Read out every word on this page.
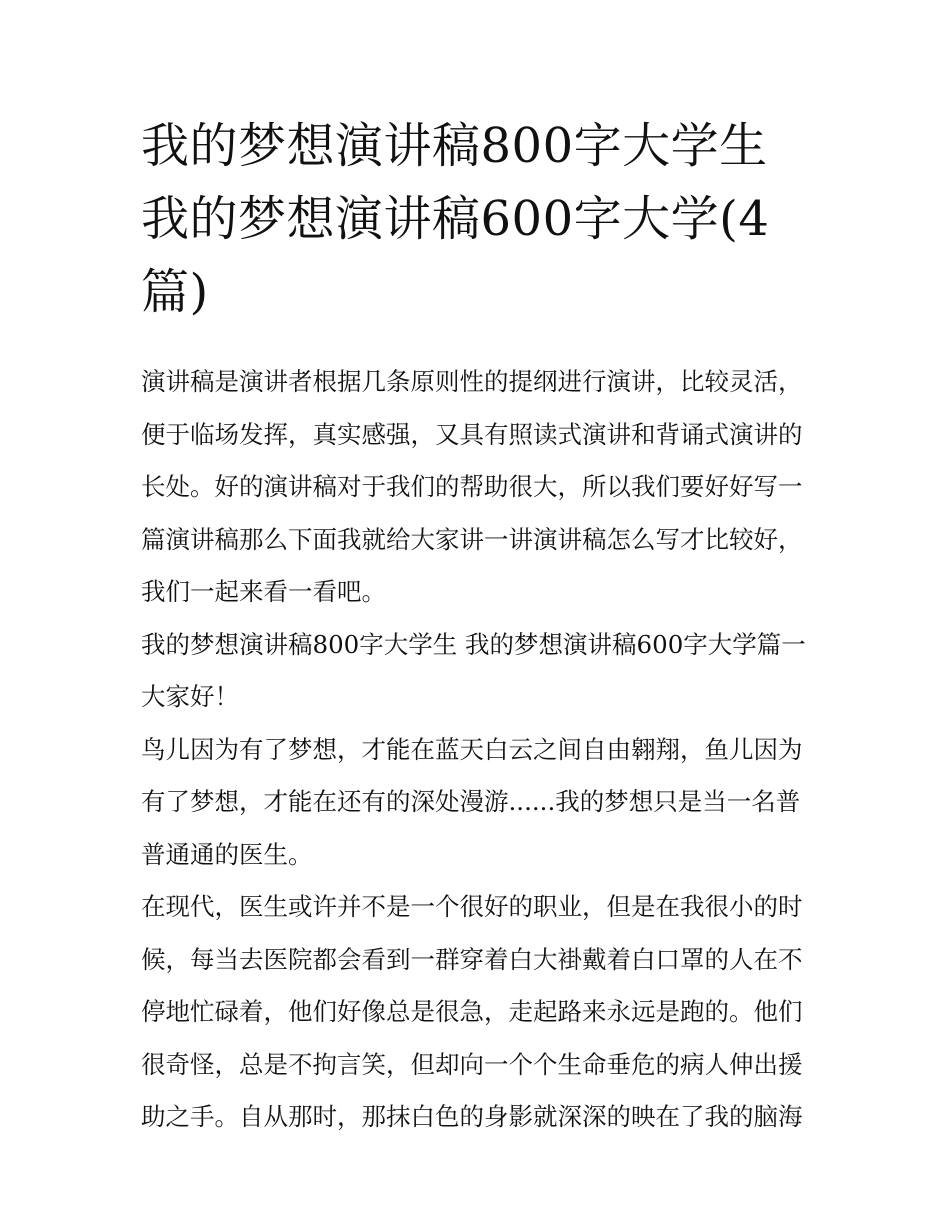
我的梦想演讲稿800字大学生 我的梦想演讲稿600字大学(4篇)

演讲稿是演讲者根据几条原则性的提纲进行演讲，比较灵活，便于临场发挥，真实感强，又具有照读式演讲和背诵式演讲的长处。好的演讲稿对于我们的帮助很大，所以我们要好好写一篇演讲稿那么下面我就给大家讲一讲演讲稿怎么写才比较好，我们一起来看一看吧。

我的梦想演讲稿800字大学生 我的梦想演讲稿600字大学篇一 大家好！

鸟儿因为有了梦想，才能在蓝天白云之间自由翱翔，鱼儿因为有了梦想，才能在还有的深处漫游......我的梦想只是当一名普普通通的医生。

在现代，医生或许并不是一个很好的职业，但是在我很小的时候，每当去医院都会看到一群穿着白大褂戴着白口罩的人在不停地忙碌着，他们好像总是很急，走起路来永远是跑的。他们很奇怪，总是不拘言笑，但却向一个个生命垂危的病人伸出援助之手。自从那时，那抹白色的身影就深深的映在了我的脑海
